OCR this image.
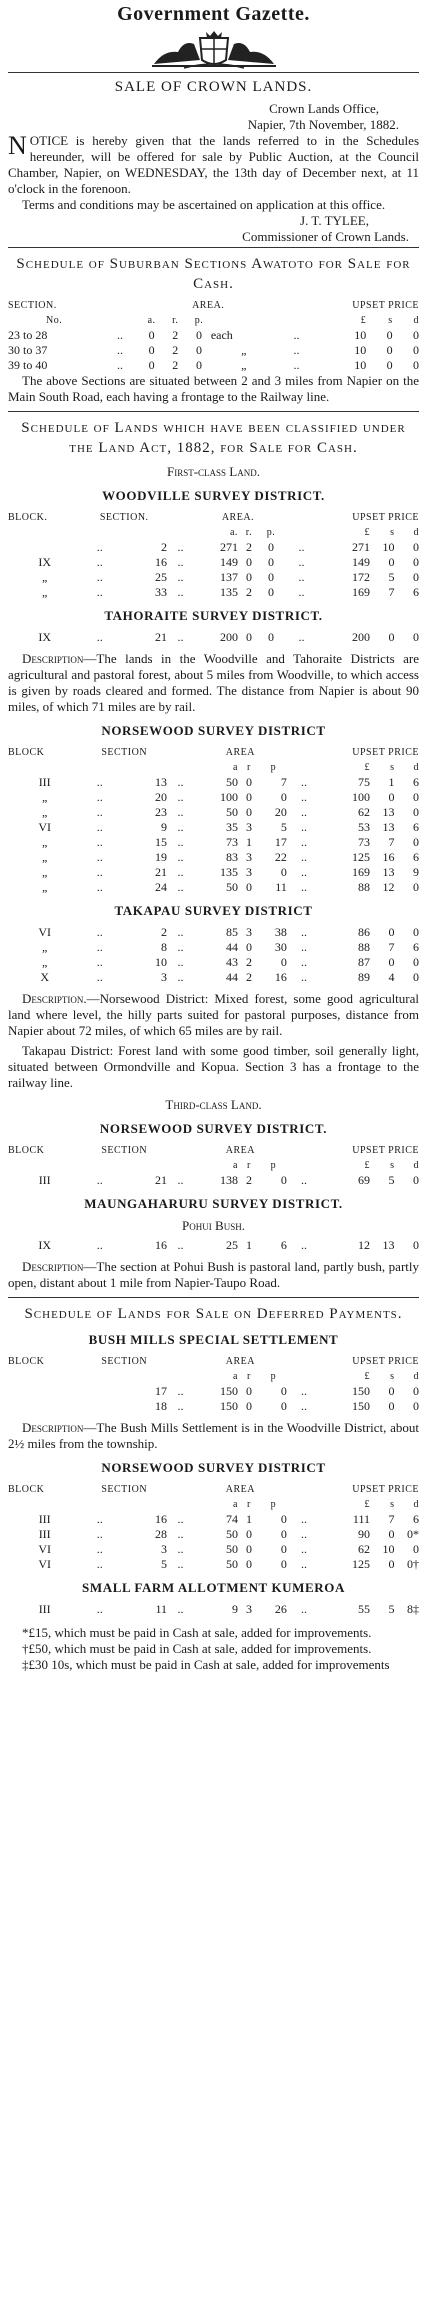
Government Gazette.
SALE OF CROWN LANDS.
Crown Lands Office,
Napier, 7th November, 1882.

NOTICE is hereby given that the lands referred to in the Schedules hereunder, will be offered for sale by Public Auction, at the Council Chamber, Napier, on WEDNESDAY, the 13th day of December next, at 11 o'clock in the forenoon.

Terms and conditions may be ascertained on application at this office.

J. T. TYLEE,
Commissioner of Crown Lands.
Schedule of Suburban Sections Awatoto for Sale for Cash.
SECTION.		AREA.					UPSET PRICE		
No.		a.	r.	p.			£	s	d
23 to 28	..	0	2	0	each	..	10	0	0
30 to 37	..	0	2	0	„	..	10	0	0
39 to 40	..	0	2	0	„	..	10	0	0

The above Sections are situated between 2 and 3 miles from Napier on the Main South Road, each having a frontage to the Railway line.

Schedule of Lands which have been classified under the Land Act, 1882, for Sale for Cash.
First-class Land.
WOODVILLE SURVEY DISTRICT.
BLOCK.	SECTION.			AREA.				UPSET PRICE		
				a.	r.	p.		£	s	d
	..	2	..	271	2	0	..	271	10	0
IX	..	16	..	149	0	0	..	149	0	0
„	..	25	..	137	0	0	..	172	5	0
„	..	33	..	135	2	0	..	169	7	6
TAHORAITE SURVEY DISTRICT.
IX	..	21	..	200	0	0	..	200	0	0

Description—The lands in the Woodville and Tahoraite Districts are agricultural and pastoral forest, about 5 miles from Woodville, to which access is given by roads cleared and formed. The distance from Napier is about 90 miles, of which 71 miles are by rail.

NORSEWOOD SURVEY DISTRICT
BLOCK	SECTION			AREA				UPSET PRICE		
				a	r	p		£	s	d
III	..	13	..	50	0	7	..	75	1	6
„	..	20	..	100	0	0	..	100	0	0
„	..	23	..	50	0	20	..	62	13	0
VI	..	9	..	35	3	5	..	53	13	6
„	..	15	..	73	1	17	..	73	7	0
„	..	19	..	83	3	22	..	125	16	6
„	..	21	..	135	3	0	..	169	13	9
„	..	24	..	50	0	11	..	88	12	0
TAKAPAU SURVEY DISTRICT
VI	..	2	..	85	3	38	..	86	0	0
„	..	8	..	44	0	30	..	88	7	6
„	..	10	..	43	2	0	..	87	0	0
X	..	3	..	44	2	16	..	89	4	0

Description.—Norsewood District: Mixed forest, some good agricultural land where level, the hilly parts suited for pastoral purposes, distance from Napier about 72 miles, of which 65 miles are by rail.

Takapau District: Forest land with some good timber, soil generally light, situated between Ormondville and Kopua. Section 3 has a frontage to the railway line.

Third-class Land.
NORSEWOOD SURVEY DISTRICT.
BLOCK	SECTION			AREA				UPSET PRICE		
				a	r	p		£	s	d
III	..	21	..	138	2	0	..	69	5	0
MAUNGAHARURU SURVEY DISTRICT.
Pohui Bush.
IX	..	16	..	25	1	6	..	12	13	0

Description—The section at Pohui Bush is pastoral land, partly bush, partly open, distant about 1 mile from Napier-Taupo Road.

Schedule of Lands for Sale on Deferred Payments.
BUSH MILLS SPECIAL SETTLEMENT
BLOCK	SECTION			AREA				UPSET PRICE		
				a	r	p		£	s	d
		17	..	150	0	0	..	150	0	0
		18	..	150	0	0	..	150	0	0

Description—The Bush Mills Settlement is in the Woodville District, about 2½ miles from the township.

NORSEWOOD SURVEY DISTRICT
BLOCK	SECTION			AREA				UPSET PRICE		
				a	r	p		£	s	d
III	..	16	..	74	1	0	..	111	7	6
III	..	28	..	50	0	0	..	90	0	0*
VI	..	3	..	50	0	0	..	62	10	0
VI	..	5	..	50	0	0	..	125	0	0†
SMALL FARM ALLOTMENT KUMEROA
III	..	11	..	9	3	26	..	55	5	8‡

*£15, which must be paid in Cash at sale, added for improvements.

†£50, which must be paid in Cash at sale, added for improvements.

‡£30 10s, which must be paid in Cash at sale, added for improvements
